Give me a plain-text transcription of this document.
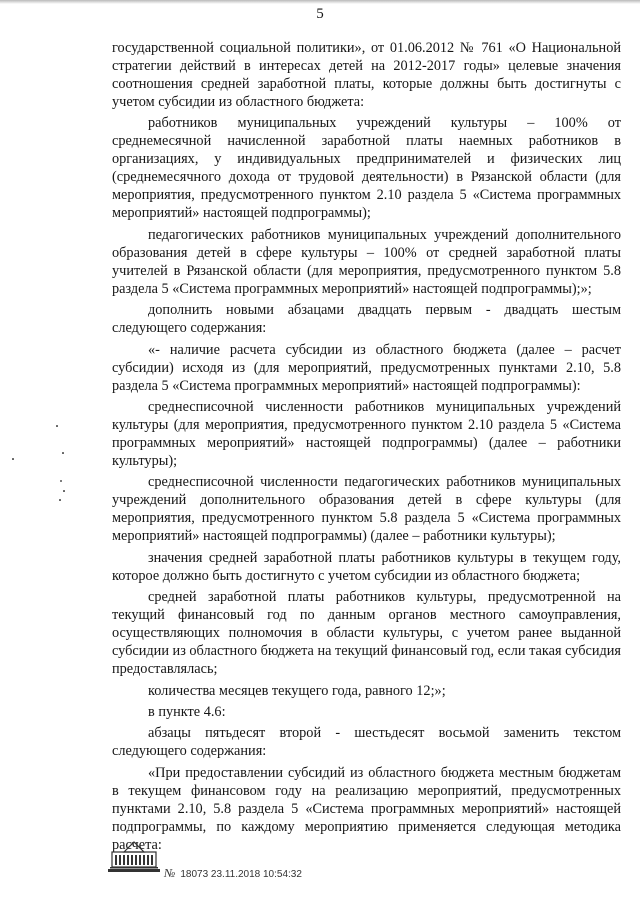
5

государственной социальной политики», от 01.06.2012 № 761 «О Национальной стратегии действий в интересах детей на 2012-2017 годы» целевые значения соотношения средней заработной платы, которые должны быть достигнуты с учетом субсидии из областного бюджета:

работников муниципальных учреждений культуры – 100% от среднемесячной начисленной заработной платы наемных работников в организациях, у индивидуальных предпринимателей и физических лиц (среднемесячного дохода от трудовой деятельности) в Рязанской области (для мероприятия, предусмотренного пунктом 2.10 раздела 5 «Система программных мероприятий» настоящей подпрограммы);

педагогических работников муниципальных учреждений дополнительного образования детей в сфере культуры – 100% от средней заработной платы учителей в Рязанской области (для мероприятия, предусмотренного пунктом 5.8 раздела 5 «Система программных мероприятий» настоящей подпрограммы);»;

дополнить новыми абзацами двадцать первым - двадцать шестым следующего содержания:

«- наличие расчета субсидии из областного бюджета (далее – расчет субсидии) исходя из (для мероприятий, предусмотренных пунктами 2.10, 5.8 раздела 5 «Система программных мероприятий» настоящей подпрограммы):

среднесписочной численности работников муниципальных учреждений культуры (для мероприятия, предусмотренного пунктом 2.10 раздела 5 «Система программных мероприятий» настоящей подпрограммы) (далее – работники культуры);

среднесписочной численности педагогических работников муниципальных учреждений дополнительного образования детей в сфере культуры (для мероприятия, предусмотренного пунктом 5.8 раздела 5 «Система программных мероприятий» настоящей подпрограммы) (далее – работники культуры);

значения средней заработной платы работников культуры в текущем году, которое должно быть достигнуто с учетом субсидии из областного бюджета;

средней заработной платы работников культуры, предусмотренной на текущий финансовый год по данным органов местного самоуправления, осуществляющих полномочия в области культуры, с учетом ранее выданной субсидии из областного бюджета на текущий финансовый год, если такая субсидия предоставлялась;

количества месяцев текущего года, равного 12;»;

в пункте 4.6:

абзацы пятьдесят второй - шестьдесят восьмой заменить текстом следующего содержания:

«При предоставлении субсидий из областного бюджета местным бюджетам в текущем финансовом году на реализацию мероприятий, предусмотренных пунктами 2.10, 5.8 раздела 5 «Система программных мероприятий» настоящей подпрограммы, по каждому мероприятию применяется следующая методика расчета:

№ 18073 23.11.2018 10:54:32
